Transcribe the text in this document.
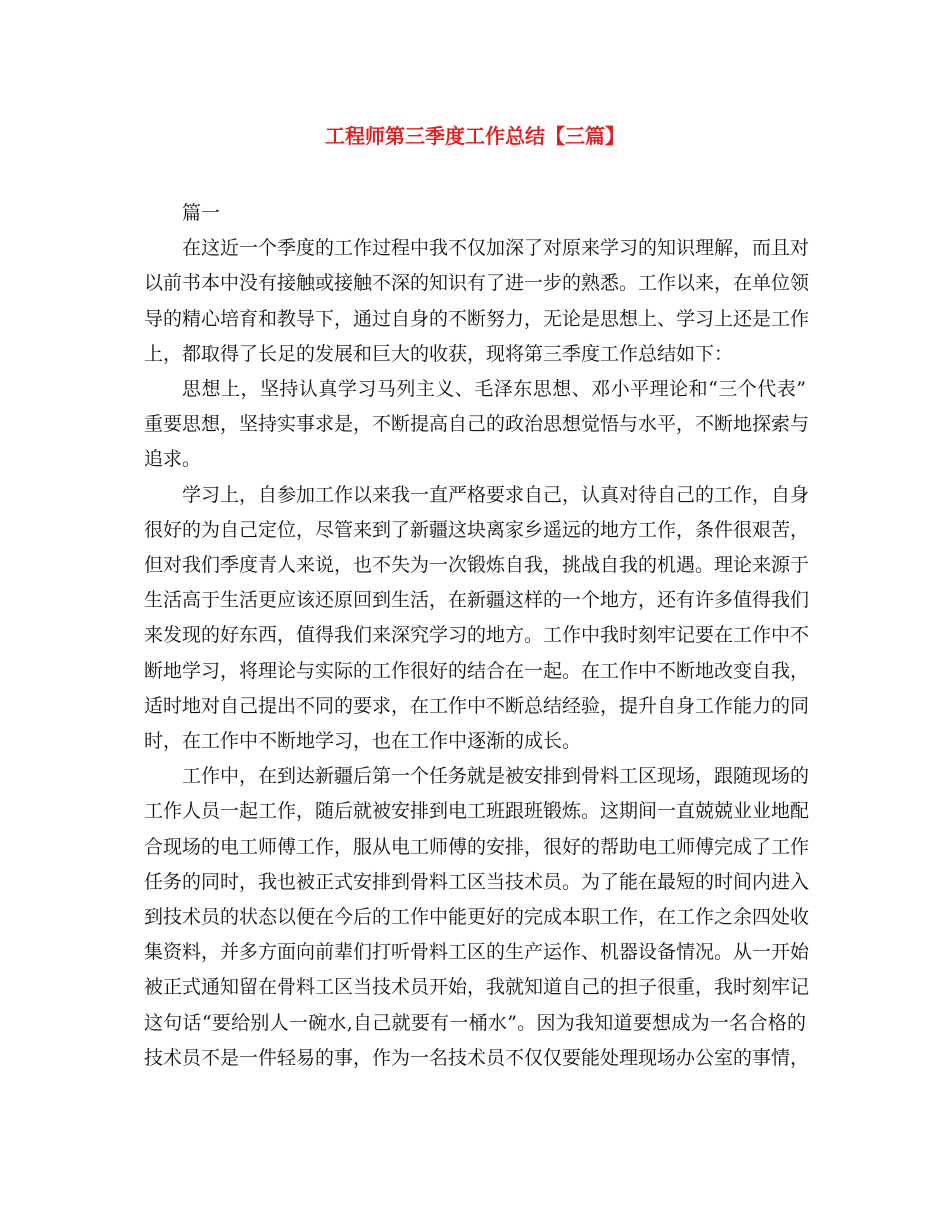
工程师第三季度工作总结【三篇】
篇一
在这近一个季度的工作过程中我不仅加深了对原来学习的知识理解，而且对
以前书本中没有接触或接触不深的知识有了进一步的熟悉。工作以来，在单位领
导的精心培育和教导下，通过自身的不断努力，无论是思想上、学习上还是工作
上，都取得了长足的发展和巨大的收获，现将第三季度工作总结如下：
思想上，坚持认真学习马列主义、毛泽东思想、邓小平理论和“三个代表”
重要思想，坚持实事求是，不断提高自己的政治思想觉悟与水平，不断地探索与
追求。
学习上，自参加工作以来我一直严格要求自己，认真对待自己的工作，自身
很好的为自己定位，尽管来到了新疆这块离家乡遥远的地方工作，条件很艰苦，
但对我们季度青人来说，也不失为一次锻炼自我，挑战自我的机遇。理论来源于
生活高于生活更应该还原回到生活，在新疆这样的一个地方，还有许多值得我们
来发现的好东西，值得我们来深究学习的地方。工作中我时刻牢记要在工作中不
断地学习，将理论与实际的工作很好的结合在一起。在工作中不断地改变自我，
适时地对自己提出不同的要求，在工作中不断总结经验，提升自身工作能力的同
时，在工作中不断地学习，也在工作中逐渐的成长。
工作中，在到达新疆后第一个任务就是被安排到骨料工区现场，跟随现场的
工作人员一起工作，随后就被安排到电工班跟班锻炼。这期间一直兢兢业业地配
合现场的电工师傅工作，服从电工师傅的安排，很好的帮助电工师傅完成了工作
任务的同时，我也被正式安排到骨料工区当技术员。为了能在最短的时间内进入
到技术员的状态以便在今后的工作中能更好的完成本职工作，在工作之余四处收
集资料，并多方面向前辈们打听骨料工区的生产运作、机器设备情况。从一开始
被正式通知留在骨料工区当技术员开始，我就知道自己的担子很重，我时刻牢记
这句话“要给别人一碗水,自己就要有一桶水”。因为我知道要想成为一名合格的
技术员不是一件轻易的事，作为一名技术员不仅仅要能处理现场办公室的事情，
